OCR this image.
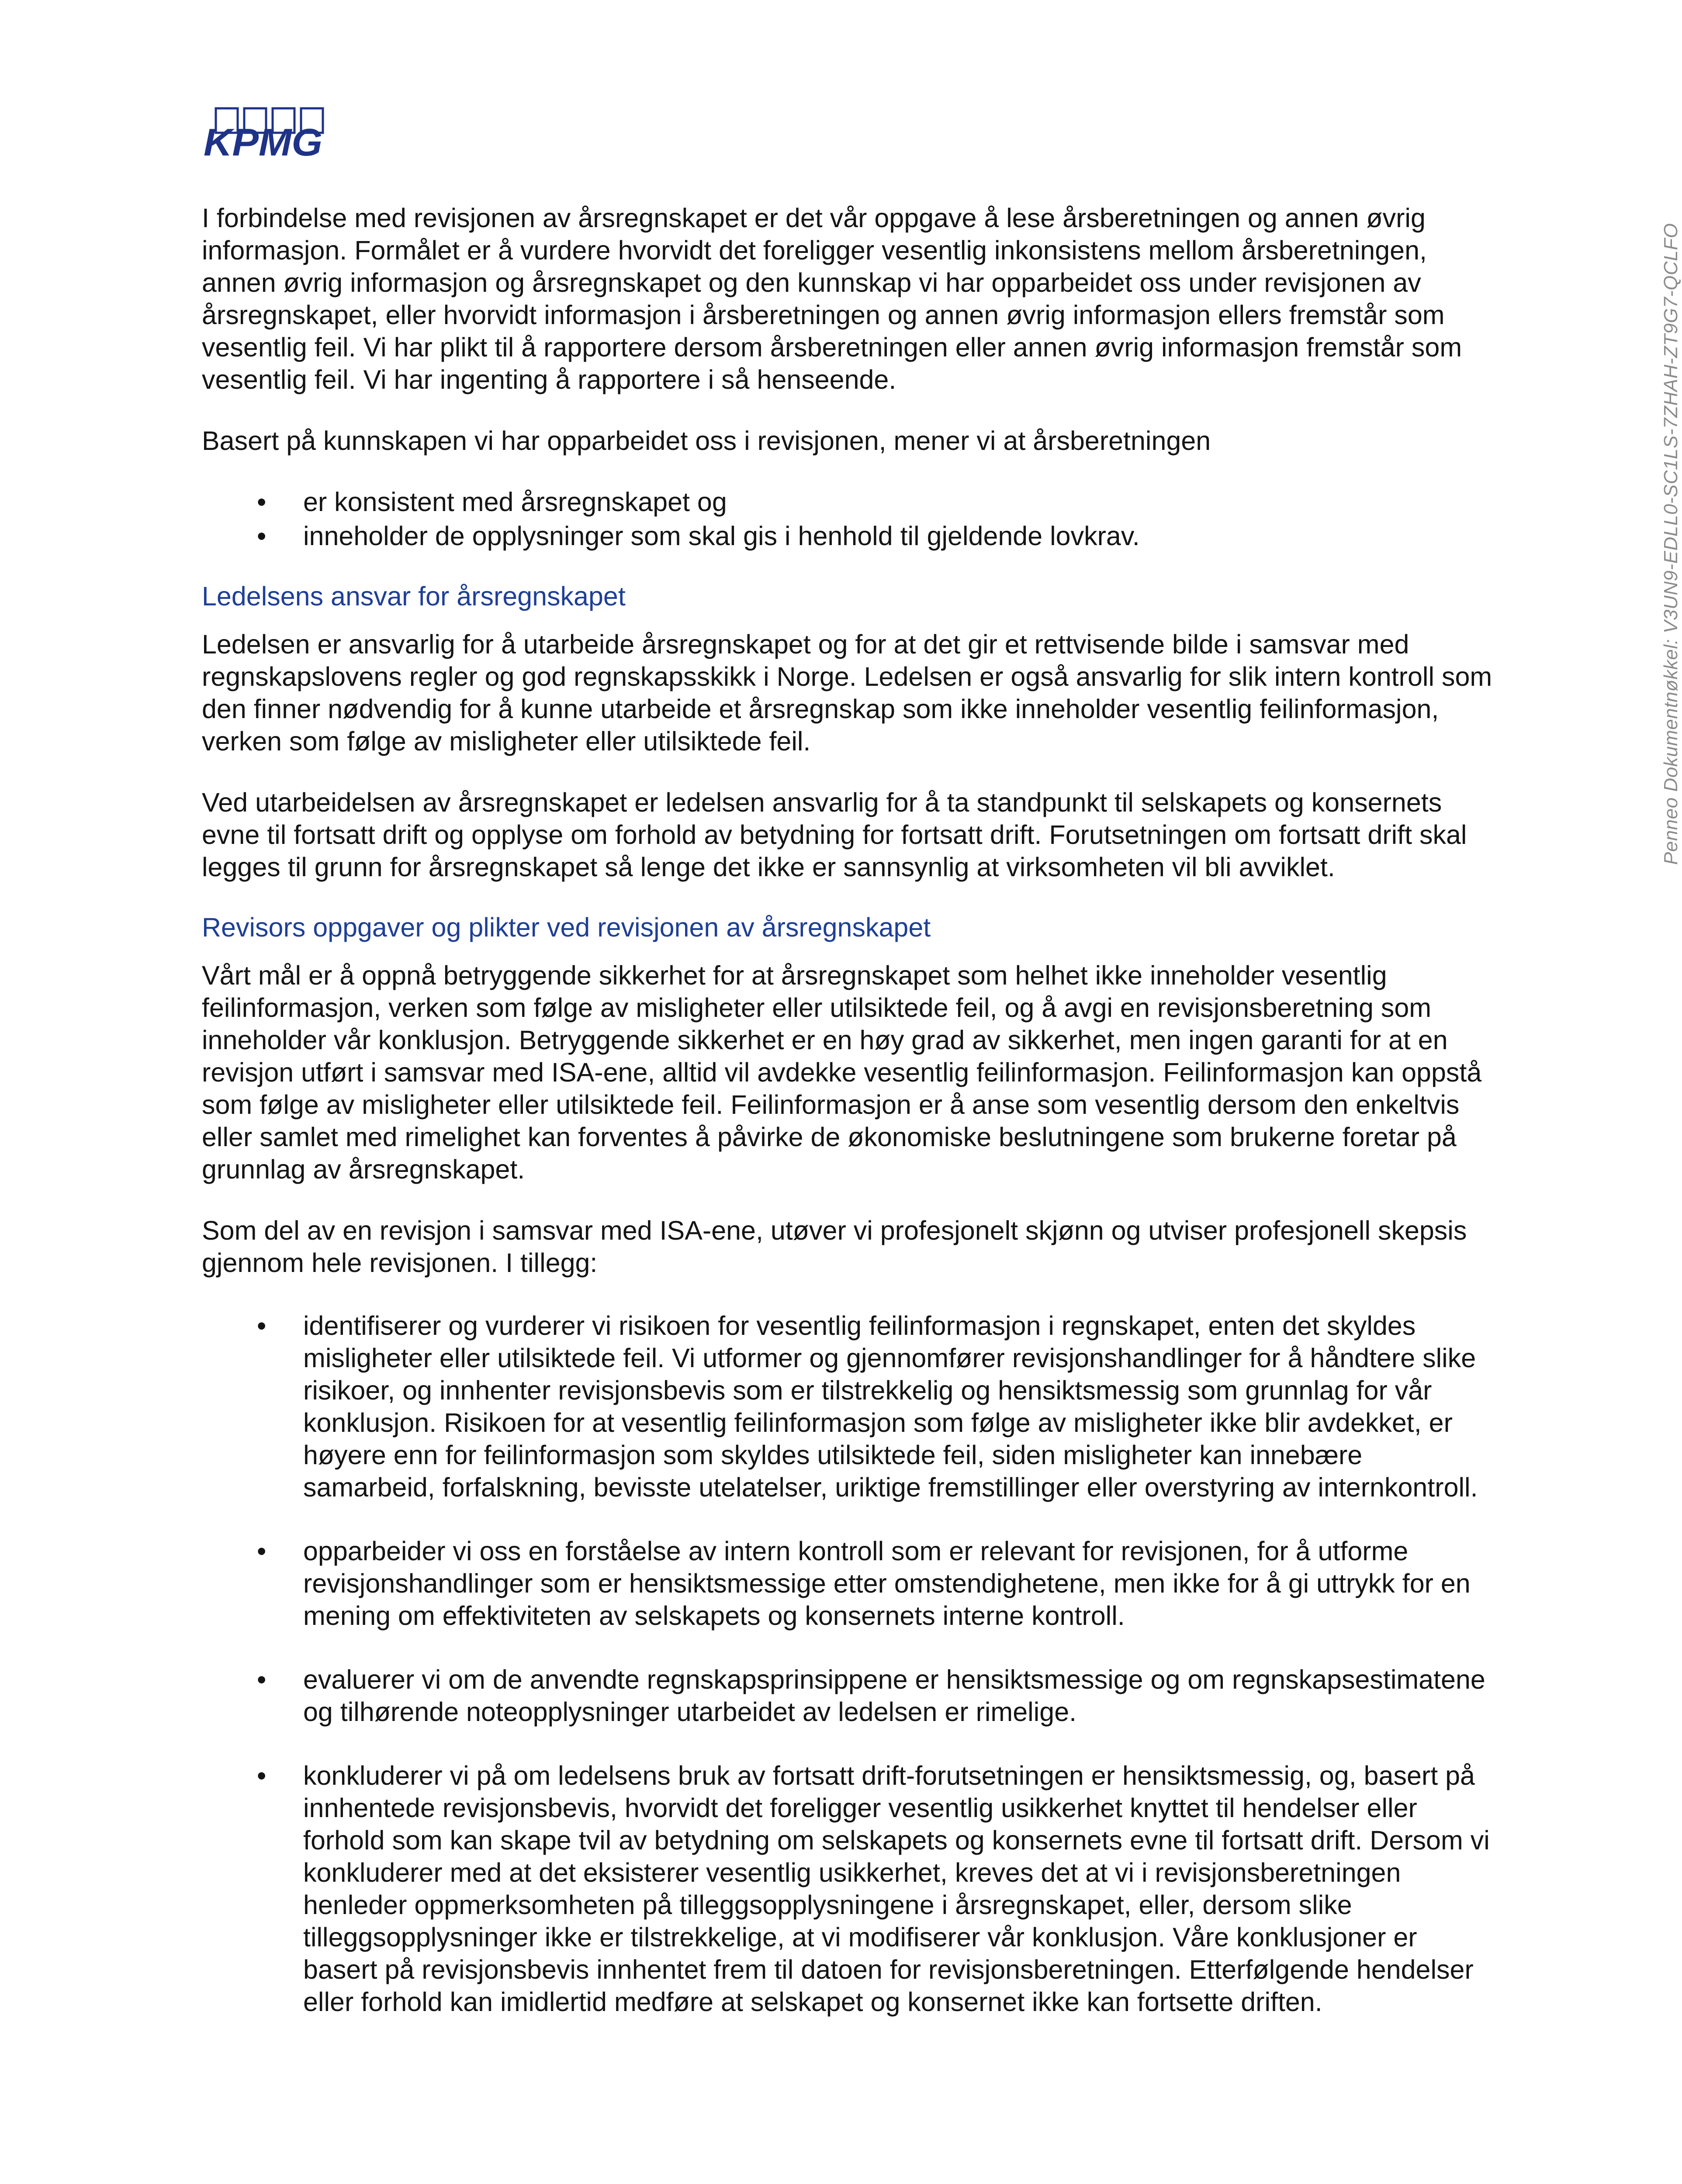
KPMG

I forbindelse med revisjonen av årsregnskapet er det vår oppgave å lese årsberetningen og annen øvrig informasjon. Formålet er å vurdere hvorvidt det foreligger vesentlig inkonsistens mellom årsberetningen, annen øvrig informasjon og årsregnskapet og den kunnskap vi har opparbeidet oss under revisjonen av årsregnskapet, eller hvorvidt informasjon i årsberetningen og annen øvrig informasjon ellers fremstår som vesentlig feil. Vi har plikt til å rapportere dersom årsberetningen eller annen øvrig informasjon fremstår som vesentlig feil. Vi har ingenting å rapportere i så henseende.

Basert på kunnskapen vi har opparbeidet oss i revisjonen, mener vi at årsberetningen

• er konsistent med årsregnskapet og
• inneholder de opplysninger som skal gis i henhold til gjeldende lovkrav.

Ledelsens ansvar for årsregnskapet

Ledelsen er ansvarlig for å utarbeide årsregnskapet og for at det gir et rettvisende bilde i samsvar med regnskapslovens regler og god regnskapsskikk i Norge. Ledelsen er også ansvarlig for slik intern kontroll som den finner nødvendig for å kunne utarbeide et årsregnskap som ikke inneholder vesentlig feilinformasjon, verken som følge av misligheter eller utilsiktede feil.

Ved utarbeidelsen av årsregnskapet er ledelsen ansvarlig for å ta standpunkt til selskapets og konsernets evne til fortsatt drift og opplyse om forhold av betydning for fortsatt drift. Forutsetningen om fortsatt drift skal legges til grunn for årsregnskapet så lenge det ikke er sannsynlig at virksomheten vil bli avviklet.

Revisors oppgaver og plikter ved revisjonen av årsregnskapet

Vårt mål er å oppnå betryggende sikkerhet for at årsregnskapet som helhet ikke inneholder vesentlig feilinformasjon, verken som følge av misligheter eller utilsiktede feil, og å avgi en revisjonsberetning som inneholder vår konklusjon. Betryggende sikkerhet er en høy grad av sikkerhet, men ingen garanti for at en revisjon utført i samsvar med ISA-ene, alltid vil avdekke vesentlig feilinformasjon. Feilinformasjon kan oppstå som følge av misligheter eller utilsiktede feil. Feilinformasjon er å anse som vesentlig dersom den enkeltvis eller samlet med rimelighet kan forventes å påvirke de økonomiske beslutningene som brukerne foretar på grunnlag av årsregnskapet.

Som del av en revisjon i samsvar med ISA-ene, utøver vi profesjonelt skjønn og utviser profesjonell skepsis gjennom hele revisjonen. I tillegg:

• identifiserer og vurderer vi risikoen for vesentlig feilinformasjon i regnskapet, enten det skyldes misligheter eller utilsiktede feil. Vi utformer og gjennomfører revisjonshandlinger for å håndtere slike risikoer, og innhenter revisjonsbevis som er tilstrekkelig og hensiktsmessig som grunnlag for vår konklusjon. Risikoen for at vesentlig feilinformasjon som følge av misligheter ikke blir avdekket, er høyere enn for feilinformasjon som skyldes utilsiktede feil, siden misligheter kan innebære samarbeid, forfalskning, bevisste utelatelser, uriktige fremstillinger eller overstyring av internkontroll.
• opparbeider vi oss en forståelse av intern kontroll som er relevant for revisjonen, for å utforme revisjonshandlinger som er hensiktsmessige etter omstendighetene, men ikke for å gi uttrykk for en mening om effektiviteten av selskapets og konsernets interne kontroll.
• evaluerer vi om de anvendte regnskapsprinsippene er hensiktsmessige og om regnskapsestimatene og tilhørende noteopplysninger utarbeidet av ledelsen er rimelige.
• konkluderer vi på om ledelsens bruk av fortsatt drift-forutsetningen er hensiktsmessig, og, basert på innhentede revisjonsbevis, hvorvidt det foreligger vesentlig usikkerhet knyttet til hendelser eller forhold som kan skape tvil av betydning om selskapets og konsernets evne til fortsatt drift. Dersom vi konkluderer med at det eksisterer vesentlig usikkerhet, kreves det at vi i revisjonsberetningen henleder oppmerksomheten på tilleggsopplysningene i årsregnskapet, eller, dersom slike tilleggsopplysninger ikke er tilstrekkelige, at vi modifiserer vår konklusjon. Våre konklusjoner er basert på revisjonsbevis innhentet frem til datoen for revisjonsberetningen. Etterfølgende hendelser eller forhold kan imidlertid medføre at selskapet og konsernet ikke kan fortsette driften.
Penneo Dokumentnøkkel: V3UN9-EDLL0-SC1LS-7ZHAH-ZT9G7-QCLFO
